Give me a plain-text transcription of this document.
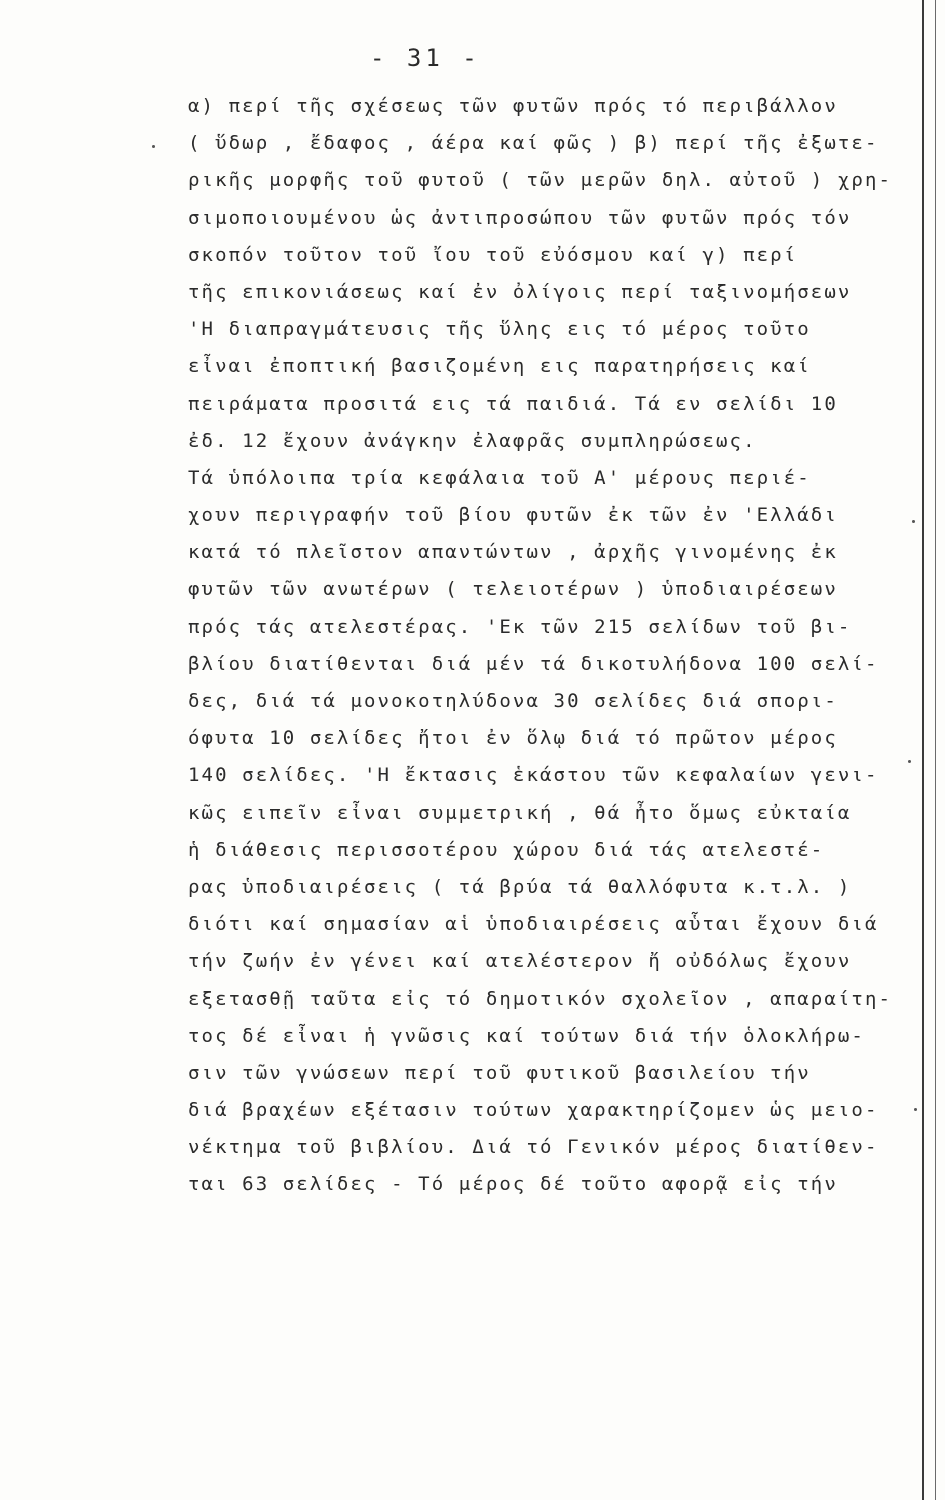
- 31 -
α) περί τῆς σχέσεως τῶν φυτῶν πρός τό περιβάλλον
( ὕδωρ , ἔδαφος , άέρα καί φῶς ) β) περί τῆς ἐξωτε-
ρικῆς μορφῆς τοῦ φυτοῦ ( τῶν μερῶν δηλ. αὐτοῦ ) χρη-
σιμοποιουμένου ὡς ἀντιπροσώπου τῶν φυτῶν πρός τόν
σκοπόν τοῦτον τοῦ ἴου τοῦ εὐόσμου καί γ) περί
τῆς επικονιάσεως καί ἐν ὀλίγοις περί ταξινομήσεων
'Η διαπραγμάτευσις τῆς ὕλης εις τό μέρος τοῦτο
εἶναι ἐποπτική βασιζομένη εις παρατηρήσεις καί
πειράματα προσιτά εις τά παιδιά. Τά εν σελίδι 10
ἐδ. 12 ἔχουν ἀνάγκην ἐλαφρᾶς συμπληρώσεως.
Τά ὑπόλοιπα τρία κεφάλαια τοῦ Α' μέρους περιέ-
χουν περιγραφήν τοῦ βίου φυτῶν ἐκ τῶν ἐν 'Ελλάδι
κατά τό πλεῖστον απαντώντων , ἀρχῆς γινομένης ἐκ
φυτῶν τῶν ανωτέρων ( τελειοτέρων ) ὑποδιαιρέσεων
πρός τάς ατελεστέρας. 'Εκ τῶν 215 σελίδων τοῦ βι-
βλίου διατίθενται διά μέν τά δικοτυλήδονα 100 σελί-
δες, διά τά μονοκοτηλύδονα 30 σελίδες διά σπορι-
όφυτα 10 σελίδες ἤτοι ἐν ὅλῳ διά τό πρῶτον μέρος
140 σελίδες. 'Η ἔκτασις ἑκάστου τῶν κεφαλαίων γενι-
κῶς ειπεῖν εἶναι συμμετρική , θά ἦτο ὅμως εὐκταία
ἡ διάθεσις περισσοτέρου χώρου διά τάς ατελεστέ-
ρας ὑποδιαιρέσεις ( τά βρύα τά θαλλόφυτα κ.τ.λ. )
διότι καί σημασίαν αἱ ὑποδιαιρέσεις αὗται ἔχουν διά
τήν ζωήν ἐν γένει καί ατελέστερον ἤ οὐδόλως ἔχουν
εξετασθῇ ταῦτα εἰς τό δημοτικόν σχολεῖον , απαραίτη-
τος δέ εἶναι ἡ γνῶσις καί τούτων διά τήν ὁλοκλήρω-
σιν τῶν γνώσεων περί τοῦ φυτικοῦ βασιλείου τήν
διά βραχέων εξέτασιν τούτων χαρακτηρίζομεν ὡς μειο-
νέκτημα τοῦ βιβλίου. Διά τό Γενικόν μέρος διατίθεν-
ται 63 σελίδες - Τό μέρος δέ τοῦτο αφορᾷ εἰς τήν
